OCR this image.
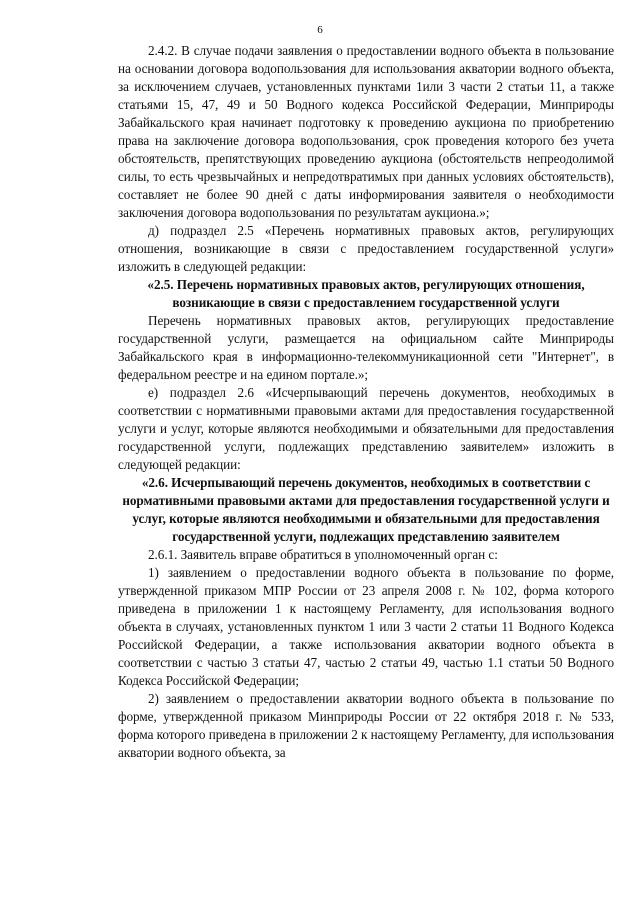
6

2.4.2. В случае подачи заявления о предоставлении водного объекта в пользование на основании договора водопользования для использования акватории водного объекта, за исключением случаев, установленных пунктами 1или 3 части 2 статьи 11, а также статьями 15, 47, 49 и 50 Водного кодекса Российской Федерации, Минприроды Забайкальского края начинает подготовку к проведению аукциона по приобретению права на заключение договора водопользования, срок проведения которого без учета обстоятельств, препятствующих проведению аукциона (обстоятельств непреодолимой силы, то есть чрезвычайных и непредотвратимых при данных условиях обстоятельств), составляет не более 90 дней с даты информирования заявителя о необходимости заключения договора водопользования по результатам аукциона.»;

д) подраздел 2.5 «Перечень нормативных правовых актов, регулирующих отношения, возникающие в связи с предоставлением государственной услуги» изложить в следующей редакции:

«2.5. Перечень нормативных правовых актов, регулирующих отношения, возникающие в связи с предоставлением государственной услуги

Перечень нормативных правовых актов, регулирующих предоставление государственной услуги, размещается на официальном сайте Минприроды Забайкальского края в информационно-телекоммуникационной сети "Интернет", в федеральном реестре и на едином портале.»;

е) подраздел 2.6 «Исчерпывающий перечень документов, необходимых в соответствии с нормативными правовыми актами для предоставления государственной услуги и услуг, которые являются необходимыми и обязательными для предоставления государственной услуги, подлежащих представлению заявителем» изложить в следующей редакции:

«2.6. Исчерпывающий перечень документов, необходимых в соответствии с нормативными правовыми актами для предоставления государственной услуги и услуг, которые являются необходимыми и обязательными для предоставления государственной услуги, подлежащих представлению заявителем

2.6.1. Заявитель вправе обратиться в уполномоченный орган с:

1) заявлением о предоставлении водного объекта в пользование по форме, утвержденной приказом МПР России от 23 апреля 2008 г. № 102, форма которого приведена в приложении 1 к настоящему Регламенту, для использования водного объекта в случаях, установленных пунктом 1 или 3 части 2 статьи 11 Водного Кодекса Российской Федерации, а также использования акватории водного объекта в соответствии с частью 3 статьи 47, частью 2 статьи 49, частью 1.1 статьи 50 Водного Кодекса Российской Федерации;

2) заявлением о предоставлении акватории водного объекта в пользование по форме, утвержденной приказом Минприроды России от 22 октября 2018 г. № 533, форма которого приведена в приложении 2 к настоящему Регламенту, для использования акватории водного объекта, за
